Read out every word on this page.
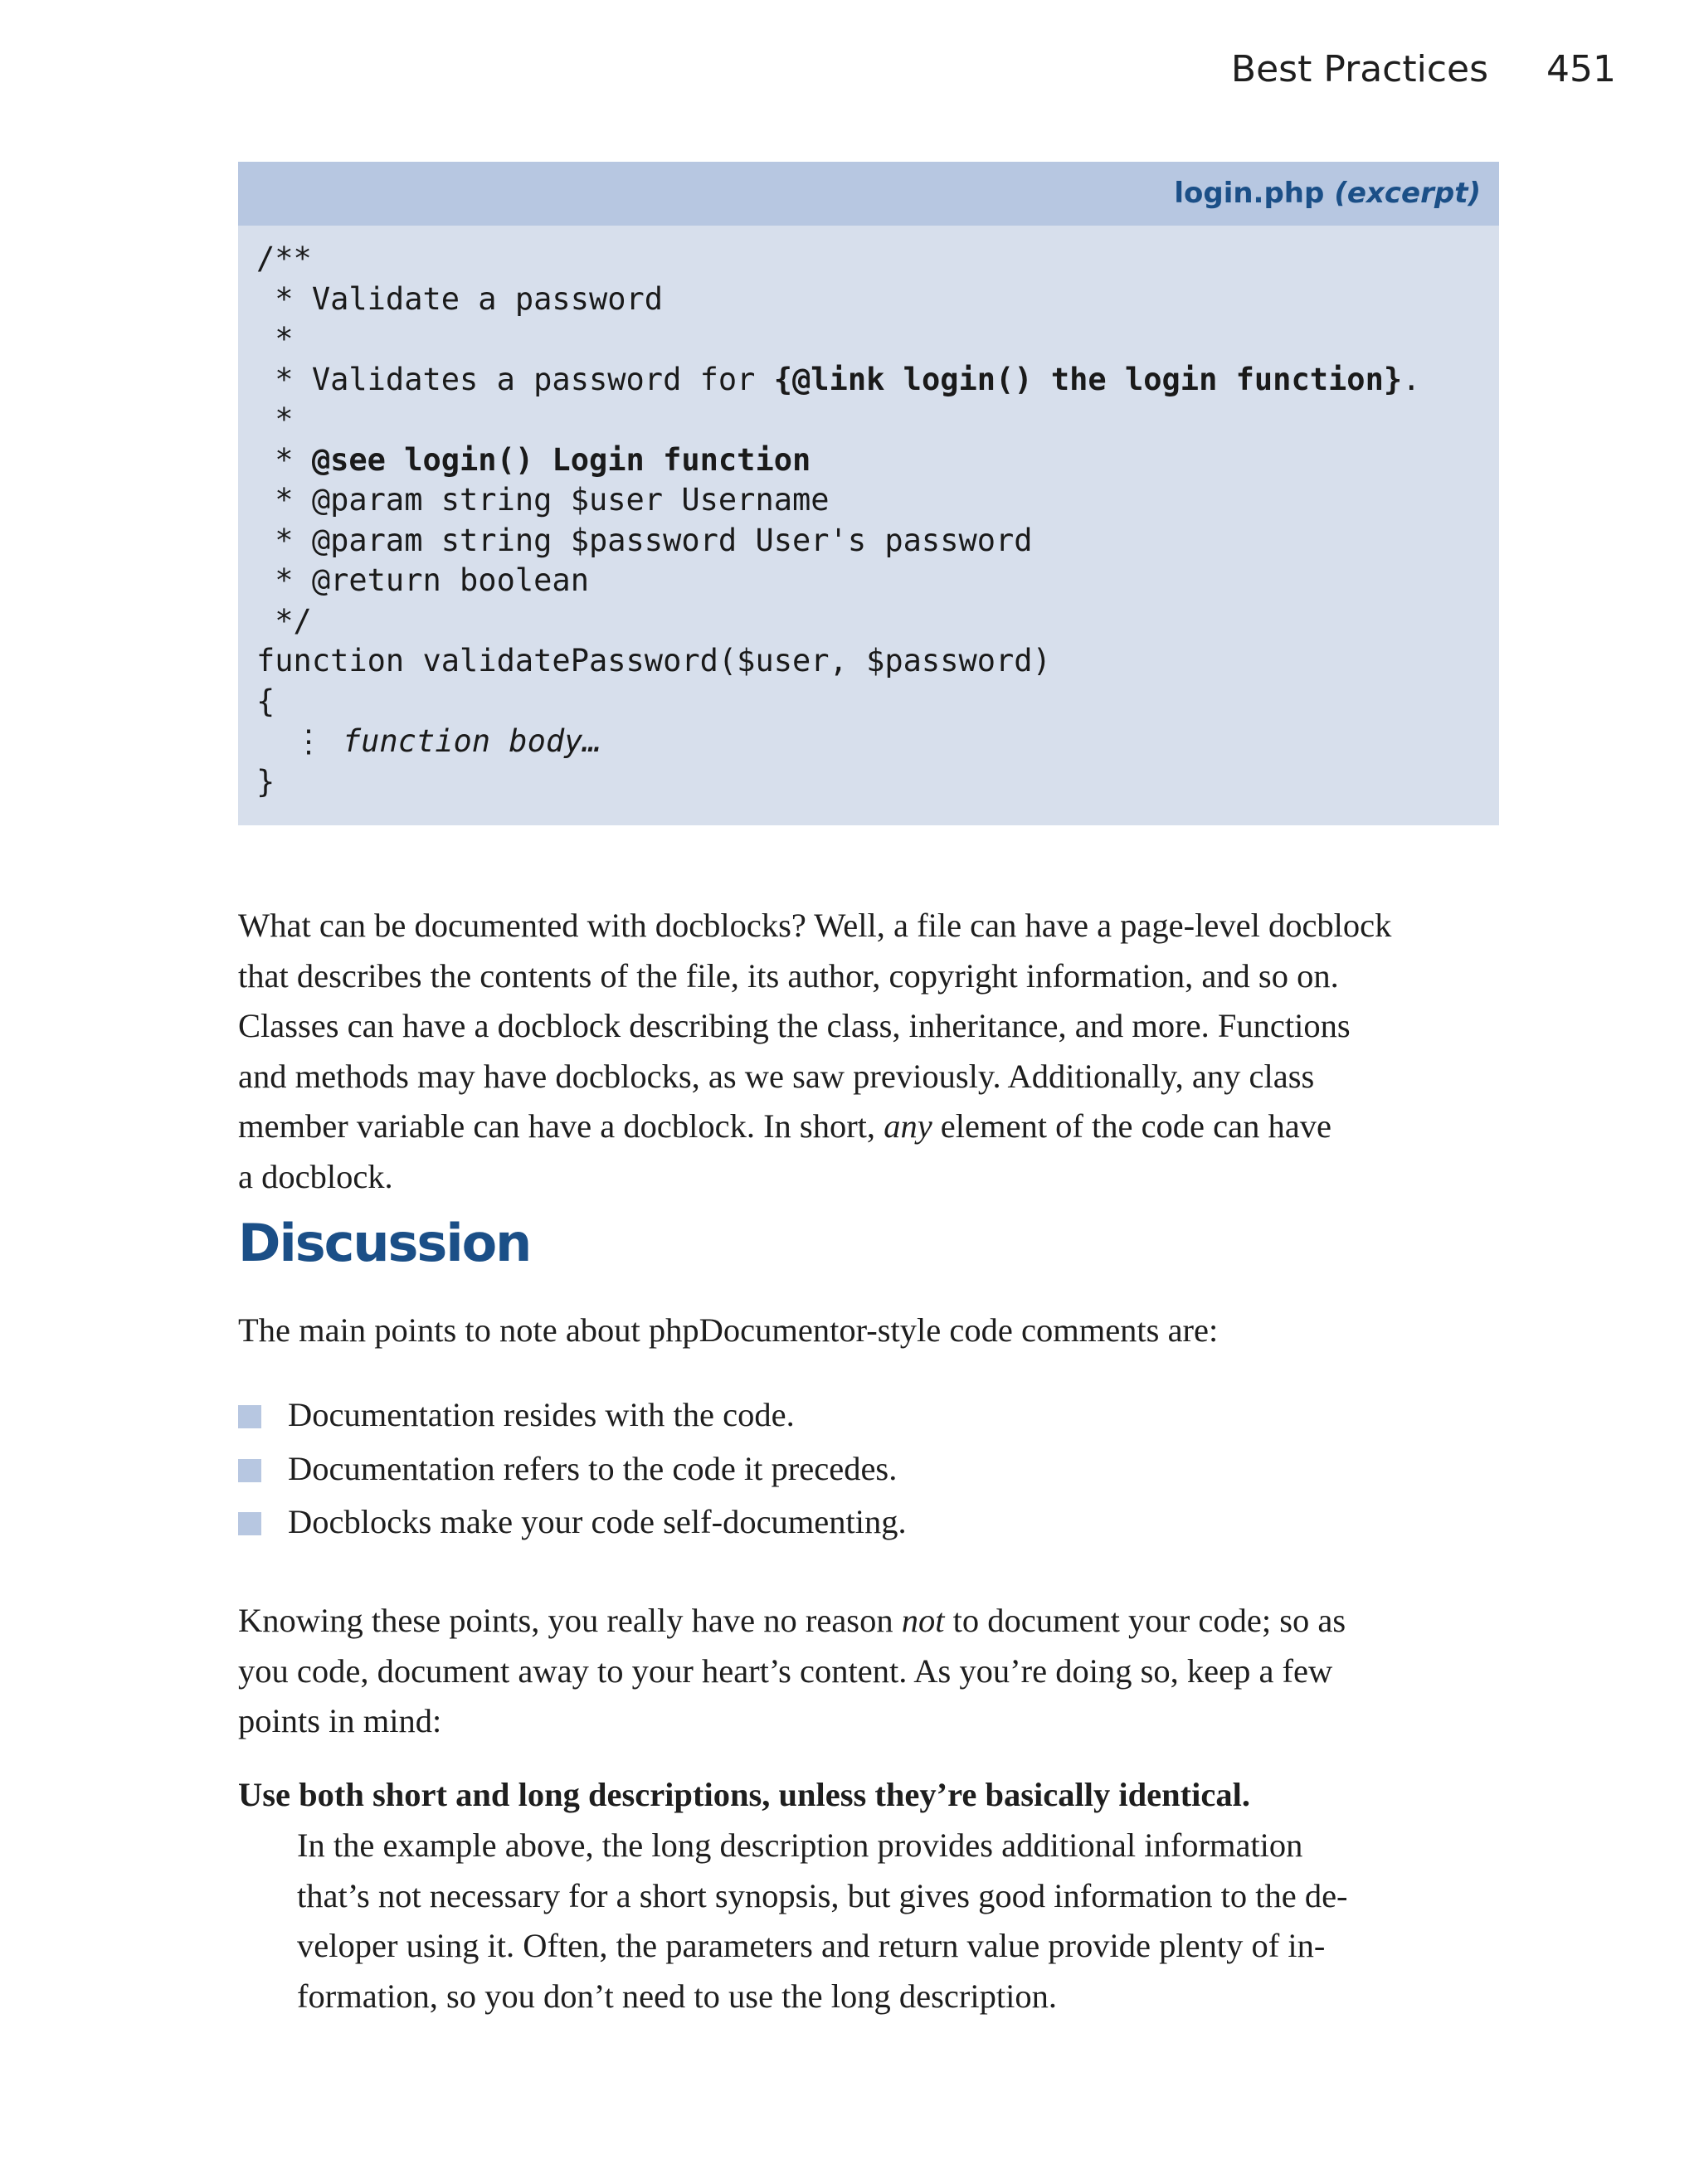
Best Practices 451
login.php (excerpt)
/**
* Validate a password
*
* Validates a password for {@link login() the login function}.
*
* @see login() Login function
* @param string $user Username
* @param string $password User's password
* @return boolean
*/
function validatePassword($user, $password)
{
⋮ function body…
}

What can be documented with docblocks? Well, a file can have a page-level docblock
that describes the contents of the file, its author, copyright information, and so on.
Classes can have a docblock describing the class, inheritance, and more. Functions
and methods may have docblocks, as we saw previously. Additionally, any class
member variable can have a docblock. In short, any element of the code can have
a docblock.

Discussion

The main points to note about phpDocumentor-style code comments are:

Documentation resides with the code.
Documentation refers to the code it precedes.
Docblocks make your code self-documenting.

Knowing these points, you really have no reason not to document your code; so as
you code, document away to your heart’s content. As you’re doing so, keep a few
points in mind:

Use both short and long descriptions, unless they’re basically identical.

In the example above, the long description provides additional information
that’s not necessary for a short synopsis, but gives good information to the de-
veloper using it. Often, the parameters and return value provide plenty of in-
formation, so you don’t need to use the long description.
